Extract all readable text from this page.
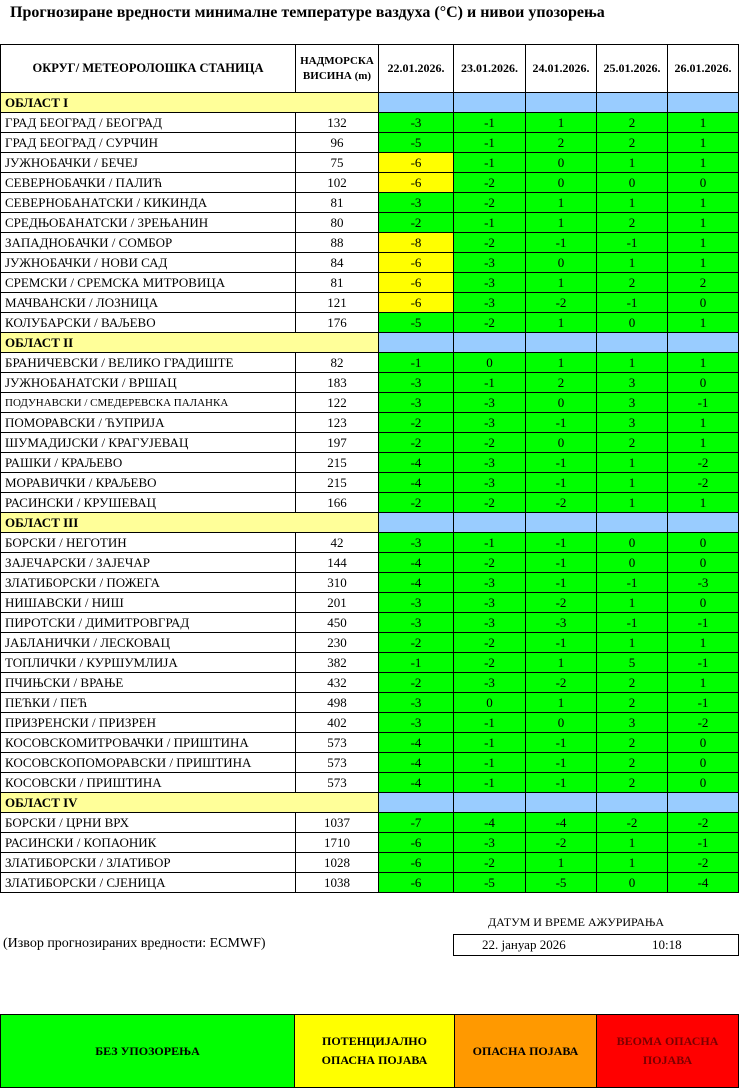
Прогнозиране вредности минималне температуре ваздуха (°C) и нивои упозорења
ОКРУГ/ МЕТЕОРОЛОШКА СТАНИЦА	НАДМОРСКА ВИСИНА (m)	22.01.2026.	23.01.2026.	24.01.2026.	25.01.2026.	26.01.2026.
ОБЛАСТ I						
ГРАД БЕОГРАД / БЕОГРАД	132	-3	-1	1	2	1
ГРАД БЕОГРАД / СУРЧИН	96	-5	-1	2	2	1
ЈУЖНОБАЧКИ / БЕЧЕЈ	75	-6	-1	0	1	1
СЕВЕРНОБАЧКИ / ПАЛИЋ	102	-6	-2	0	0	0
СЕВЕРНОБАНАТСКИ / КИКИНДА	81	-3	-2	1	1	1
СРЕДЊОБАНАТСКИ / ЗРЕЊАНИН	80	-2	-1	1	2	1
ЗАПАДНОБАЧКИ / СОМБОР	88	-8	-2	-1	-1	1
ЈУЖНОБАЧКИ / НОВИ САД	84	-6	-3	0	1	1
СРЕМСКИ / СРЕМСКА МИТРОВИЦА	81	-6	-3	1	2	2
МАЧВАНСКИ / ЛОЗНИЦА	121	-6	-3	-2	-1	0
КОЛУБАРСКИ / ВАЉЕВО	176	-5	-2	1	0	1
ОБЛАСТ II						
БРАНИЧЕВСКИ / ВЕЛИКО ГРАДИШТЕ	82	-1	0	1	1	1
ЈУЖНОБАНАТСКИ / ВРШАЦ	183	-3	-1	2	3	0
ПОДУНАВСКИ / СМЕДЕРЕВСКА ПАЛАНКА	122	-3	-3	0	3	-1
ПОМОРАВСКИ / ЋУПРИЈА	123	-2	-3	-1	3	1
ШУМАДИЈСКИ / КРАГУЈЕВАЦ	197	-2	-2	0	2	1
РАШКИ / КРАЉЕВО	215	-4	-3	-1	1	-2
МОРАВИЧКИ / КРАЉЕВО	215	-4	-3	-1	1	-2
РАСИНСКИ / КРУШЕВАЦ	166	-2	-2	-2	1	1
ОБЛАСТ III						
БОРСКИ / НЕГОТИН	42	-3	-1	-1	0	0
ЗАЈЕЧАРСКИ / ЗАЈЕЧАР	144	-4	-2	-1	0	0
ЗЛАТИБОРСКИ / ПОЖЕГА	310	-4	-3	-1	-1	-3
НИШАВСКИ / НИШ	201	-3	-3	-2	1	0
ПИРОТСКИ / ДИМИТРОВГРАД	450	-3	-3	-3	-1	-1
ЈАБЛАНИЧКИ / ЛЕСКОВАЦ	230	-2	-2	-1	1	1
ТОПЛИЧКИ / КУРШУМЛИЈА	382	-1	-2	1	5	-1
ПЧИЊСКИ / ВРАЊЕ	432	-2	-3	-2	2	1
ПЕЋКИ / ПЕЋ	498	-3	0	1	2	-1
ПРИЗРЕНСКИ / ПРИЗРЕН	402	-3	-1	0	3	-2
КОСОВСКОМИТРОВАЧКИ / ПРИШТИНА	573	-4	-1	-1	2	0
КОСОВСКОПОМОРАВСКИ / ПРИШТИНА	573	-4	-1	-1	2	0
КОСОВСКИ / ПРИШТИНА	573	-4	-1	-1	2	0
ОБЛАСТ IV						
БОРСКИ / ЦРНИ ВРХ	1037	-7	-4	-4	-2	-2
РАСИНСКИ / КОПАОНИК	1710	-6	-3	-2	1	-1
ЗЛАТИБОРСКИ / ЗЛАТИБОР	1028	-6	-2	1	1	-2
ЗЛАТИБОРСКИ / СЈЕНИЦА	1038	-6	-5	-5	0	-4
ДАТУМ И ВРЕМЕ АЖУРИРАЊА
22. јануар 2026	10:18
(Извор прогнозираних вредности: ECMWF)
БЕЗ УПОЗОРЕЊА	ПОТЕНЦИЈАЛНО ОПАСНА ПОЈАВА	ОПАСНА ПОЈАВА	ВЕОМА ОПАСНА ПОЈАВА
